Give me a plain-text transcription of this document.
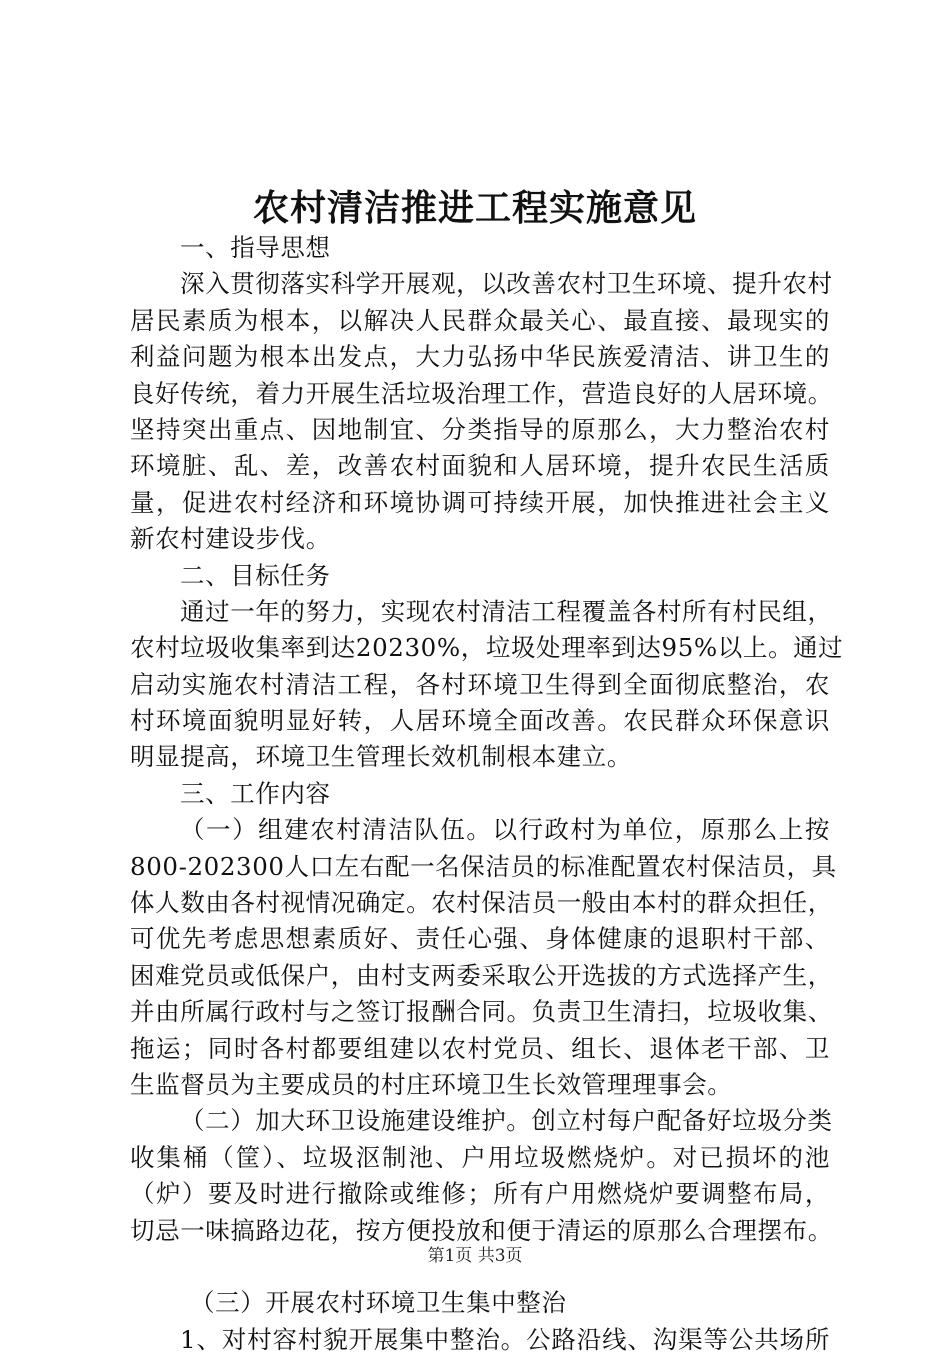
农村清洁推进工程实施意见
一、指导思想
深入贯彻落实科学开展观，以改善农村卫生环境、提升农村
居民素质为根本，以解决人民群众最关心、最直接、最现实的
利益问题为根本出发点，大力弘扬中华民族爱清洁、讲卫生的
良好传统，着力开展生活垃圾治理工作，营造良好的人居环境。
坚持突出重点、因地制宜、分类指导的原那么，大力整治农村
环境脏、乱、差，改善农村面貌和人居环境，提升农民生活质
量，促进农村经济和环境协调可持续开展，加快推进社会主义
新农村建设步伐。
二、目标任务
通过一年的努力，实现农村清洁工程覆盖各村所有村民组，
农村垃圾收集率到达20230%，垃圾处理率到达95%以上。通过
启动实施农村清洁工程，各村环境卫生得到全面彻底整治，农
村环境面貌明显好转，人居环境全面改善。农民群众环保意识
明显提高，环境卫生管理长效机制根本建立。
三、工作内容
（一）组建农村清洁队伍。以行政村为单位，原那么上按
800-202300人口左右配一名保洁员的标准配置农村保洁员，具
体人数由各村视情况确定。农村保洁员一般由本村的群众担任，
可优先考虑思想素质好、责任心强、身体健康的退职村干部、
困难党员或低保户，由村支两委采取公开选拔的方式选择产生，
并由所属行政村与之签订报酬合同。负责卫生清扫，垃圾收集、
拖运；同时各村都要组建以农村党员、组长、退体老干部、卫
生监督员为主要成员的村庄环境卫生长效管理理事会。
（二）加大环卫设施建设维护。创立村每户配备好垃圾分类
收集桶（筐）、垃圾沤制池、户用垃圾燃烧炉。对已损坏的池
（炉）要及时进行撤除或维修；所有户用燃烧炉要调整布局，
切忌一味搞路边花，按方便投放和便于清运的原那么合理摆布。
（三）开展农村环境卫生集中整治
1、对村容村貌开展集中整治。公路沿线、沟渠等公共场所

第1页 共3页
